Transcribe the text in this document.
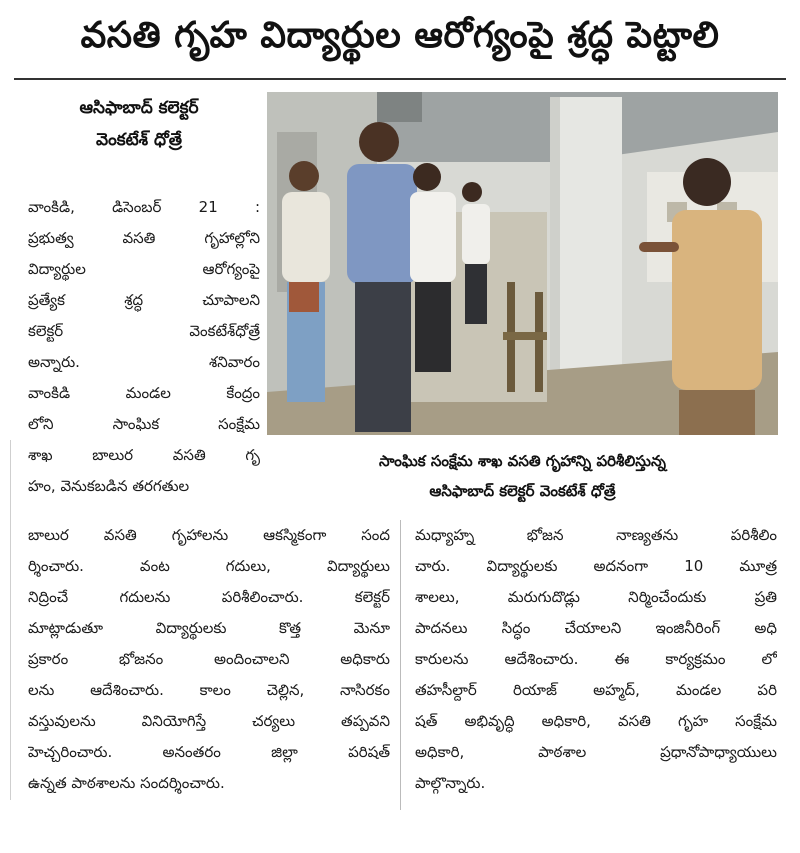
వసతి గృహ విద్యార్థుల ఆరోగ్యంపై శ్రద్ధ పెట్టాలి
ఆసిఫాబాద్ కలెక్టర్
వెంకటేశ్ ధోత్రే
వాంకిడి, డిసెంబర్ 21 :
ప్రభుత్వ వసతి గృహాల్లోని
విద్యార్థుల ఆరోగ్యంపై
ప్రత్యేక శ్రద్ధ చూపాలని
కలెక్టర్ వెంకటేశ్‌ధోత్రే
అన్నారు. శనివారం
వాంకిడి మండల కేంద్రం
లోని సాంఘిక సంక్షేమ
శాఖ బాలుర వసతి గృ
హం, వెనుకబడిన తరగతుల
సాంఘిక సంక్షేమ శాఖ వసతి గృహాన్ని పరిశీలిస్తున్న
ఆసిఫాబాద్ కలెక్టర్ వెంకటేశ్ ధోత్రే
బాలుర వసతి గృహాలను ఆకస్మికంగా సంద
ర్శించారు. వంట గదులు, విద్యార్థులు
నిద్రించే గదులను పరిశీలించారు. కలెక్టర్
మాట్లాడుతూ విద్యార్థులకు కొత్త మెనూ
ప్రకారం భోజనం అందించాలని అధికారు
లను ఆదేశించారు. కాలం చెల్లిన, నాసిరకం
వస్తువులను వినియోగిస్తే చర్యలు తప్పవని
హెచ్చరించారు. అనంతరం జిల్లా పరిషత్
ఉన్నత పాఠశాలను సందర్శించారు.
మధ్యాహ్న భోజన నాణ్యతను పరిశీలిం
చారు. విద్యార్థులకు అదనంగా 10 మూత్ర
శాలలు, మరుగుదొడ్లు నిర్మించేందుకు ప్రతి
పాదనలు సిద్ధం చేయాలని ఇంజినీరింగ్ అధి
కారులను ఆదేశించారు. ఈ కార్యక్రమం లో
తహసీల్దార్ రియాజ్ అహ్మద్, మండల పరి
షత్ అభివృద్ధి అధికారి, వసతి గృహ సంక్షేమ
అధికారి, పాఠశాల ప్రధానోపాధ్యాయులు
పాల్గొన్నారు.
